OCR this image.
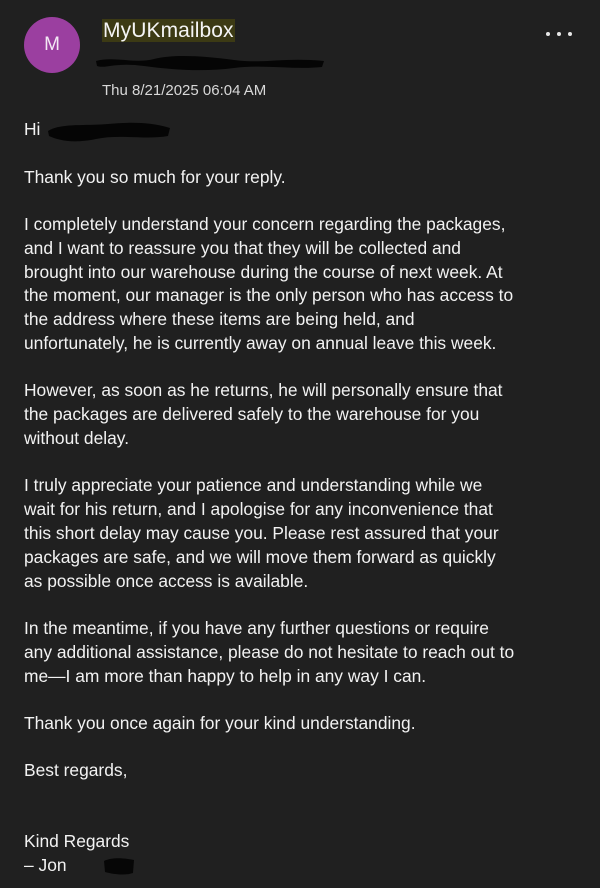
M
MyUKmailbox
Thu 8/21/2025 06:04 AM
Hi

Thank you so much for your reply.

I completely understand your concern regarding the packages,
and I want to reassure you that they will be collected and
brought into our warehouse during the course of next week. At
the moment, our manager is the only person who has access to
the address where these items are being held, and
unfortunately, he is currently away on annual leave this week.

However, as soon as he returns, he will personally ensure that
the packages are delivered safely to the warehouse for you
without delay.

I truly appreciate your patience and understanding while we
wait for his return, and I apologise for any inconvenience that
this short delay may cause you. Please rest assured that your
packages are safe, and we will move them forward as quickly
as possible once access is available.

In the meantime, if you have any further questions or require
any additional assistance, please do not hesitate to reach out to
me—I am more than happy to help in any way I can.

Thank you once again for your kind understanding.

Best regards,

Kind Regards
– Jon
